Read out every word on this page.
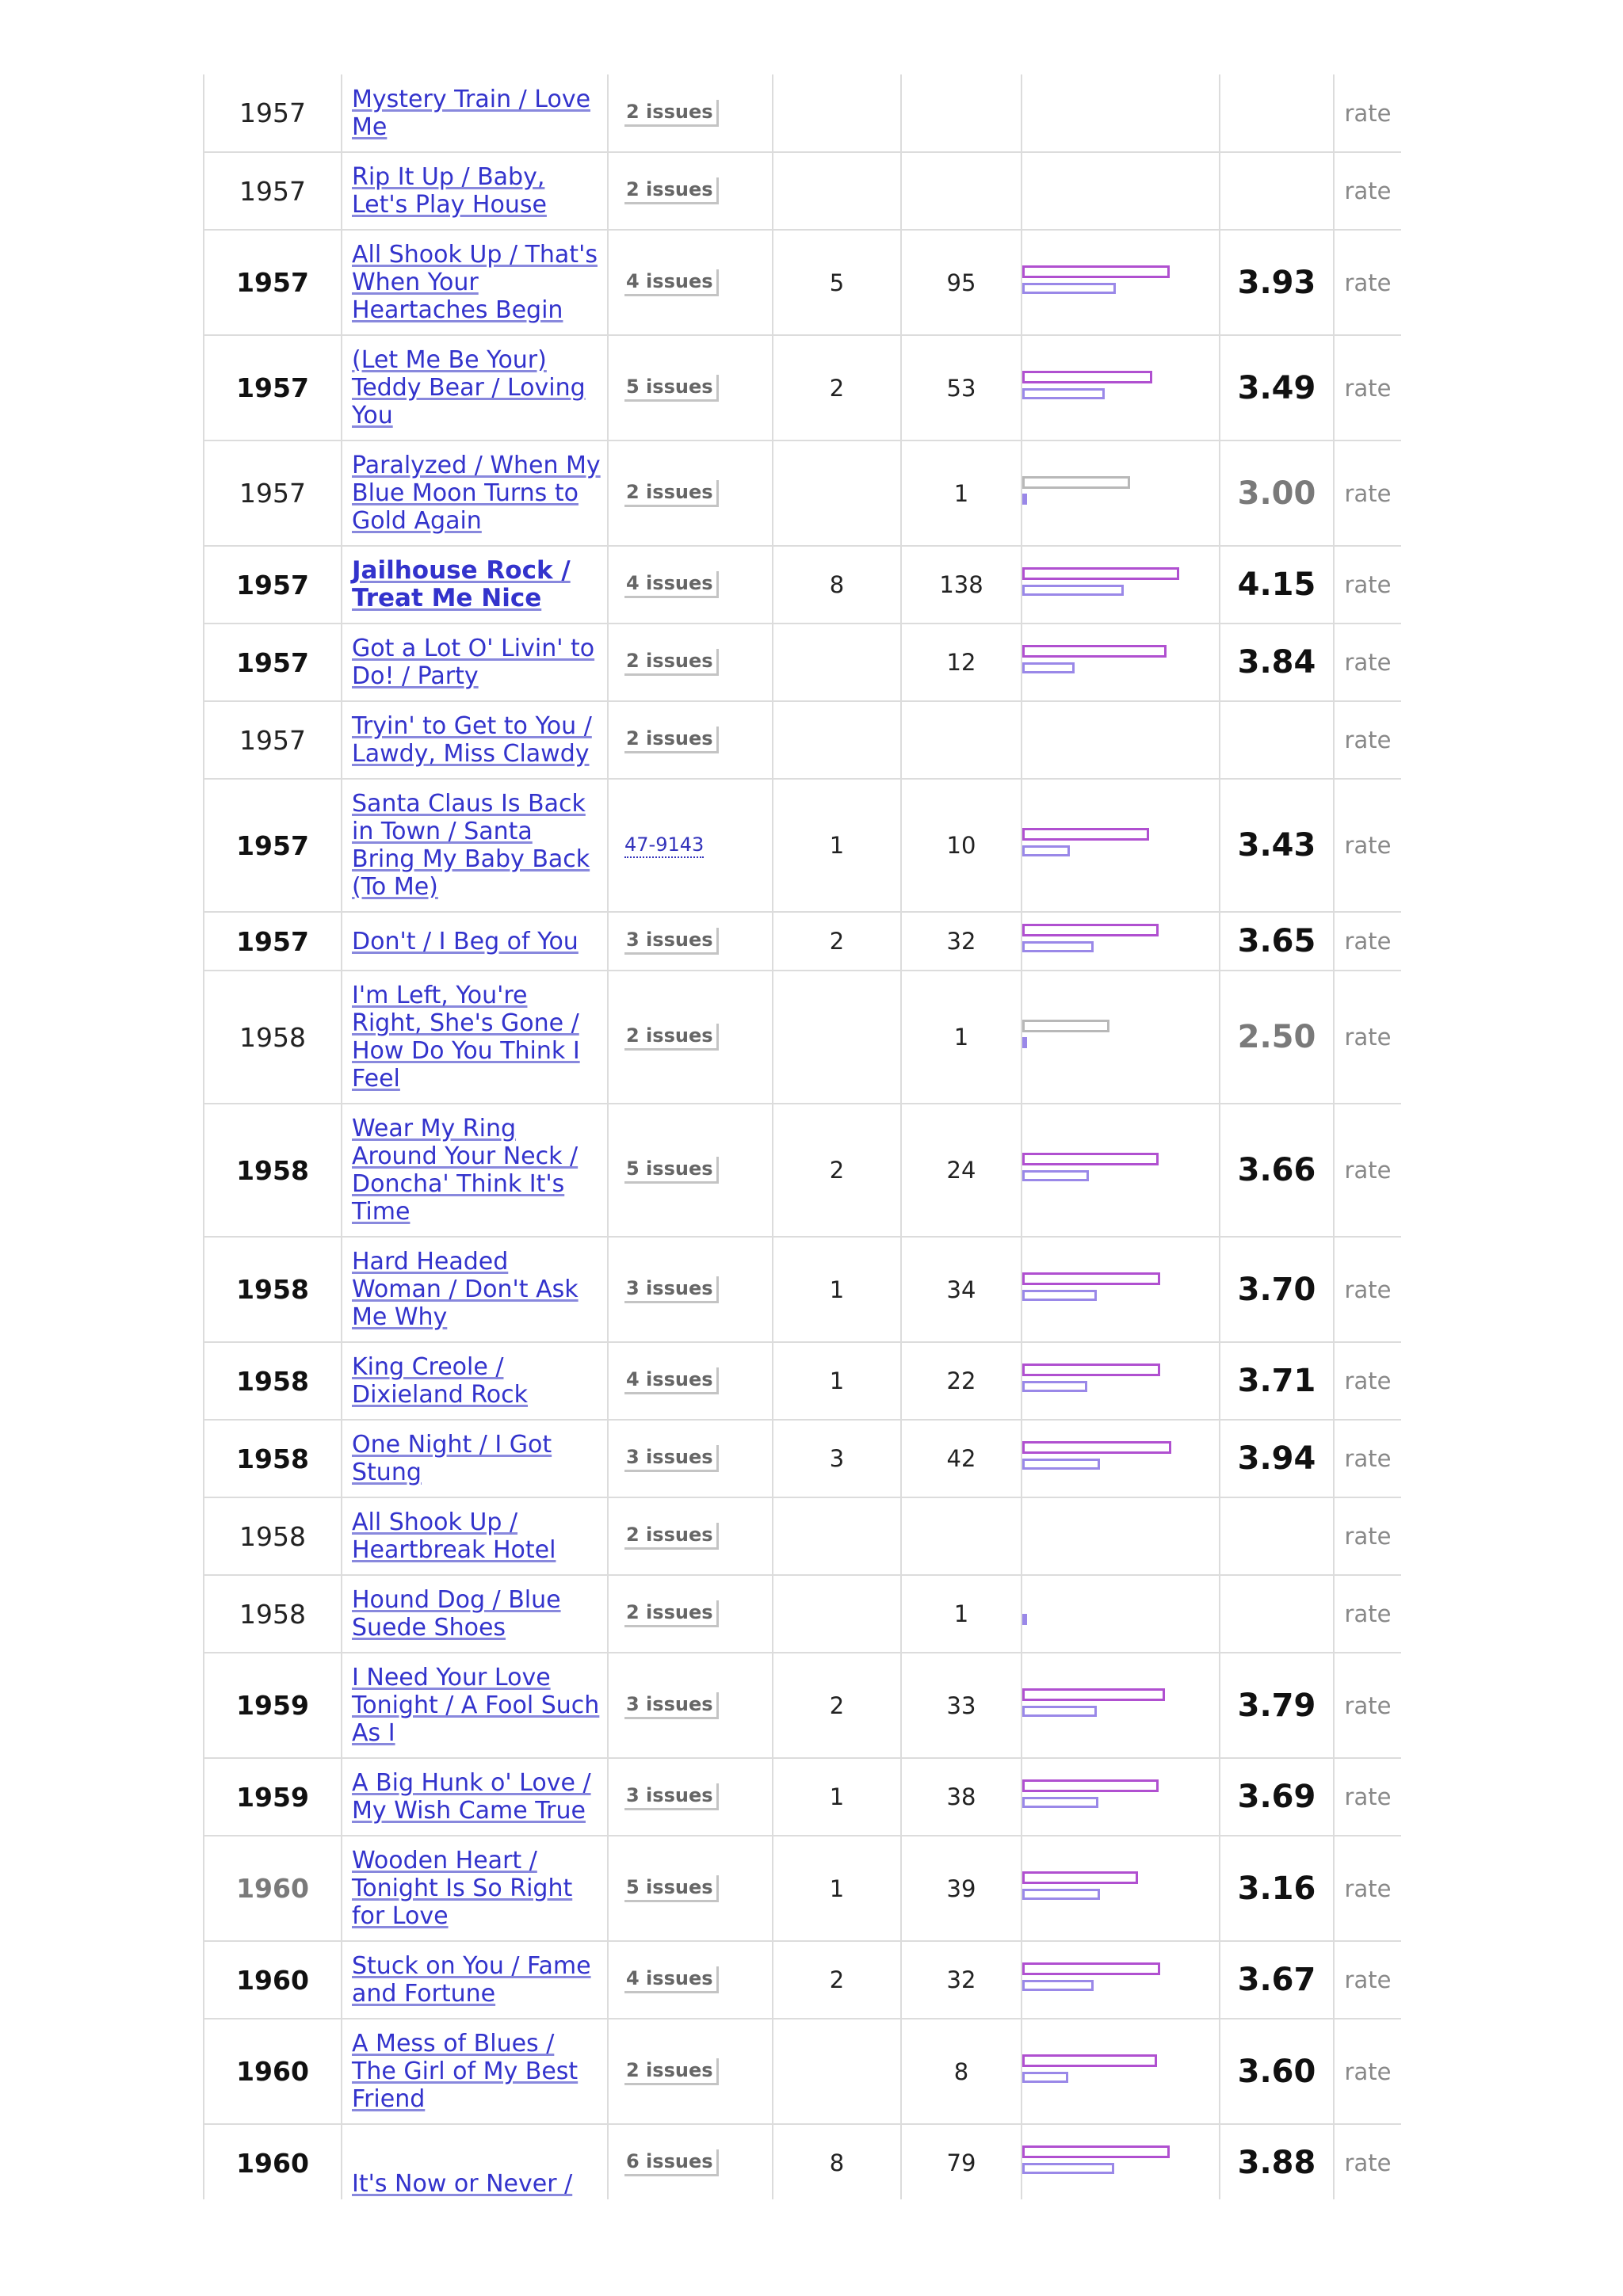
1957	Mystery Train / Love Me	2 issues					rate
1957	Rip It Up / Baby, Let's Play House	2 issues					rate
1957	All Shook Up / That's When Your Heartaches Begin	4 issues	5	95		3.93	rate
1957	(Let Me Be Your) Teddy Bear / Loving You	5 issues	2	53		3.49	rate
1957	Paralyzed / When My Blue Moon Turns to Gold Again	2 issues		1		3.00	rate
1957	Jailhouse Rock / Treat Me Nice	4 issues	8	138		4.15	rate
1957	Got a Lot O' Livin' to Do! / Party	2 issues		12		3.84	rate
1957	Tryin' to Get to You / Lawdy, Miss Clawdy	2 issues					rate
1957	Santa Claus Is Back in Town / Santa Bring My Baby Back (To Me)	47-9143	1	10		3.43	rate
1957	Don't / I Beg of You	3 issues	2	32		3.65	rate
1958	I'm Left, You're Right, She's Gone / How Do You Think I Feel	2 issues		1		2.50	rate
1958	Wear My Ring Around Your Neck / Doncha' Think It's Time	5 issues	2	24		3.66	rate
1958	Hard Headed Woman / Don't Ask Me Why	3 issues	1	34		3.70	rate
1958	King Creole / Dixieland Rock	4 issues	1	22		3.71	rate
1958	One Night / I Got Stung	3 issues	3	42		3.94	rate
1958	All Shook Up / Heartbreak Hotel	2 issues					rate
1958	Hound Dog / Blue Suede Shoes	2 issues		1			rate
1959	I Need Your Love Tonight / A Fool Such As I	3 issues	2	33		3.79	rate
1959	A Big Hunk o' Love / My Wish Came True	3 issues	1	38		3.69	rate
1960	Wooden Heart / Tonight Is So Right for Love	5 issues	1	39		3.16	rate
1960	Stuck on You / Fame and Fortune	4 issues	2	32		3.67	rate
1960	A Mess of Blues / The Girl of My Best Friend	2 issues		8		3.60	rate
1960	It's Now or Never /	6 issues	8	79		3.88	rate
